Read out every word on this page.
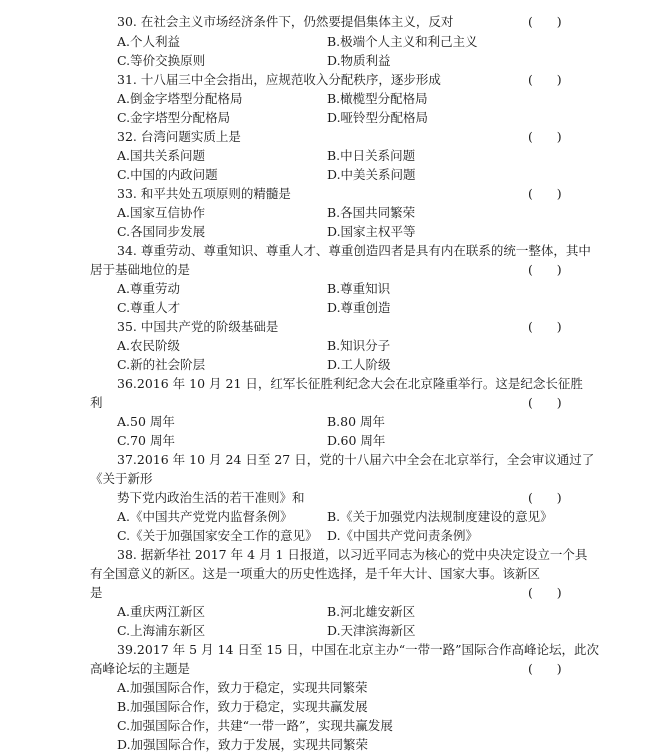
30. 在社会主义市场经济条件下，仍然要提倡集体主义，反对	(      )
A.个人利益	B.极端个人主义和利己主义
C.等价交换原则	D.物质利益
31. 十八届三中全会指出，应规范收入分配秩序，逐步形成	(      )
A.倒金字塔型分配格局	B.橄榄型分配格局
C.金字塔型分配格局	D.哑铃型分配格局
32. 台湾问题实质上是	(      )
A.国共关系问题	B.中日关系问题
C.中国的内政问题	D.中美关系问题
33. 和平共处五项原则的精髓是	(      )
A.国家互信协作	B.各国共同繁荣
C.各国同步发展	D.国家主权平等
34. 尊重劳动、尊重知识、尊重人才、尊重创造四者是具有内在联系的统一整体，其中
居于基础地位的是	(      )
A.尊重劳动	B.尊重知识
C.尊重人才	D.尊重创造
35. 中国共产党的阶级基础是	(      )
A.农民阶级	B.知识分子
C.新的社会阶层	D.工人阶级
36.2016 年 10 月 21 日，红军长征胜利纪念大会在北京隆重举行。这是纪念长征胜
利	(      )
A.50 周年	B.80 周年
C.70 周年	D.60 周年
37.2016 年 10 月 24 日至 27 日，党的十八届六中全会在北京举行，全会审议通过了
《关于新形
势下党内政治生活的若干准则》和	(      )
A.《中国共产党党内监督条例》	B.《关于加强党内法规制度建设的意见》
C.《关于加强国家安全工作的意见》 D.《中国共产党问责条例》
38. 据新华社 2017 年 4 月 1 日报道，以习近平同志为核心的党中央决定设立一个具
有全国意义的新区。这是一项重大的历史性选择，是千年大计、国家大事。该新区
是	(      )
A.重庆两江新区	B.河北雄安新区
C.上海浦东新区	D.天津滨海新区
39.2017 年 5 月 14 日至 15 日，中国在北京主办“一带一路”国际合作高峰论坛，此次
高峰论坛的主题是	(      )
A.加强国际合作，致力于稳定，实现共同繁荣
B.加强国际合作，致力于稳定，实现共赢发展
C.加强国际合作，共建“一带一路”，实现共赢发展
D.加强国际合作，致力于发展，实现共同繁荣
